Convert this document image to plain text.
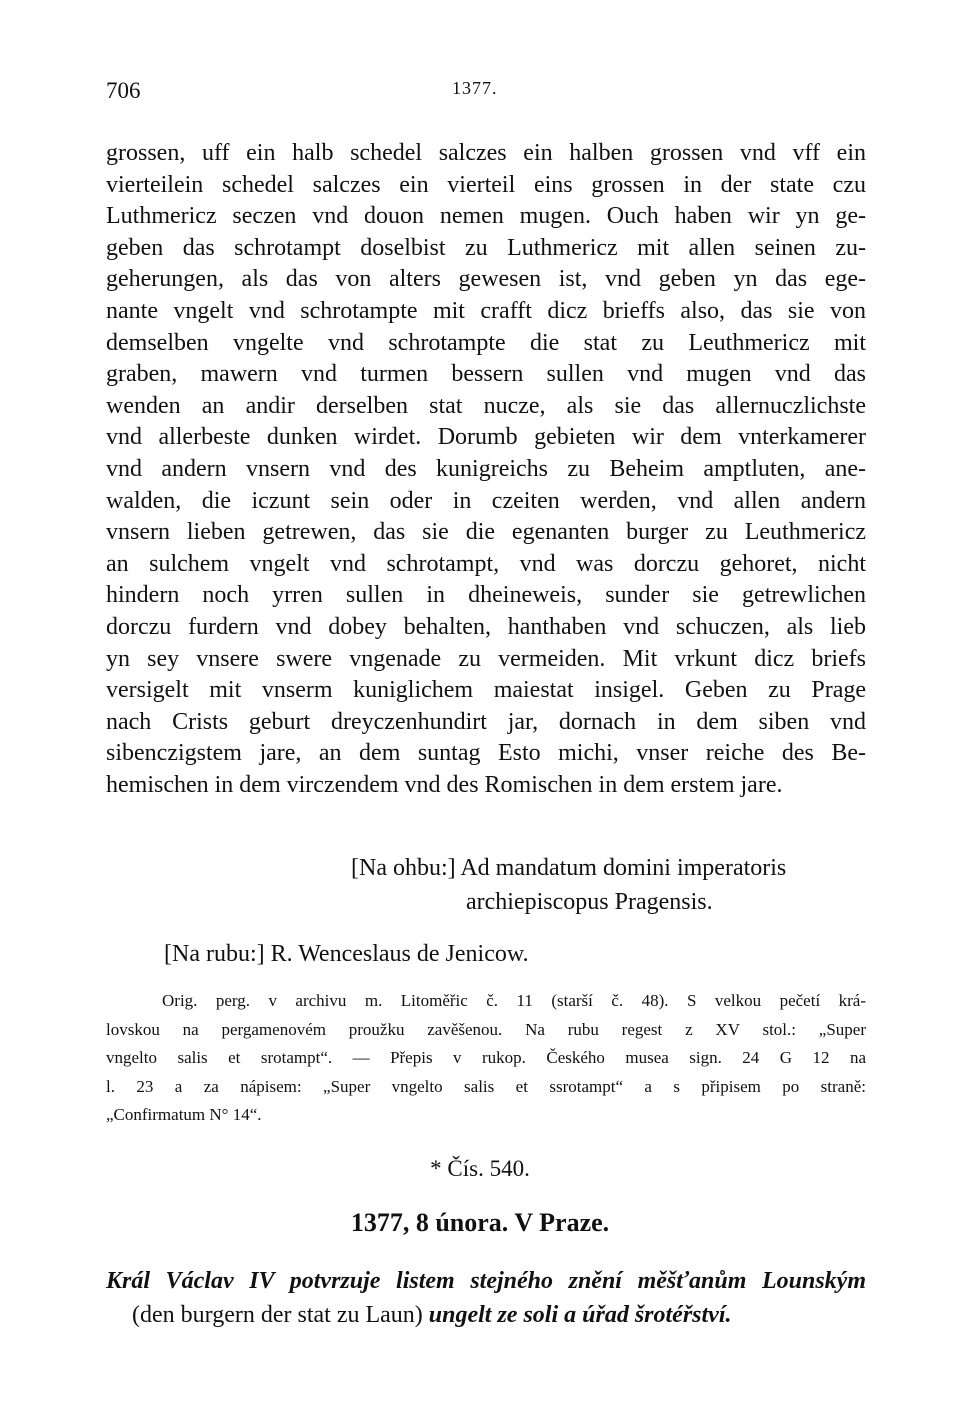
706	1377.
grossen, uff ein halb schedel salczes ein halben grossen vnd vff ein
vierteilein schedel salczes ein vierteil eins grossen in der state czu
Luthmericz seczen vnd douon nemen mugen. Ouch haben wir yn ge-
geben das schrotampt doselbist zu Luthmericz mit allen seinen zu-
geherungen, als das von alters gewesen ist, vnd geben yn das ege-
nante vngelt vnd schrotampte mit crafft dicz brieffs also, das sie von
demselben vngelte vnd schrotampte die stat zu Leuthmericz mit
graben, mawern vnd turmen bessern sullen vnd mugen vnd das
wenden an andir derselben stat nucze, als sie das allernuczlichste
vnd allerbeste dunken wirdet. Dorumb gebieten wir dem vnterkamerer
vnd andern vnsern vnd des kunigreichs zu Beheim amptluten, ane-
walden, die iczunt sein oder in czeiten werden, vnd allen andern
vnsern lieben getrewen, das sie die egenanten burger zu Leuthmericz
an sulchem vngelt vnd schrotampt, vnd was dorczu gehoret, nicht
hindern noch yrren sullen in dheineweis, sunder sie getrewlichen
dorczu furdern vnd dobey behalten, hanthaben vnd schuczen, als lieb
yn sey vnsere swere vngenade zu vermeiden. Mit vrkunt dicz briefs
versigelt mit vnserm kuniglichem maiestat insigel. Geben zu Prage
nach Crists geburt dreyczenhundirt jar, dornach in dem siben vnd
sibenczigstem jare, an dem suntag Esto michi, vnser reiche des Be-
hemischen in dem virczendem vnd des Romischen in dem erstem jare.
[Na ohbu:] Ad mandatum domini imperatoris
archiepiscopus Pragensis.
[Na rubu:] R. Wenceslaus de Jenicow.
Orig. perg. v archivu m. Litoměřic č. 11 (starší č. 48). S velkou pečetí krá-
lovskou na pergamenovém proužku zavěšenou. Na rubu regest z XV stol.: „Super
vngelto salis et srotampt“. — Přepis v rukop. Českého musea sign. 24 G 12 na
l. 23 a za nápisem: „Super vngelto salis et ssrotampt“ a s připisem po straně:
„Confirmatum N° 14“.
* Čís. 540.
1377, 8 února. V Praze.
Král Václav IV potvrzuje listem stejného znění měšťanům Lounským
(den burgern der stat zu Laun) ungelt ze soli a úřad šrotéřství.
